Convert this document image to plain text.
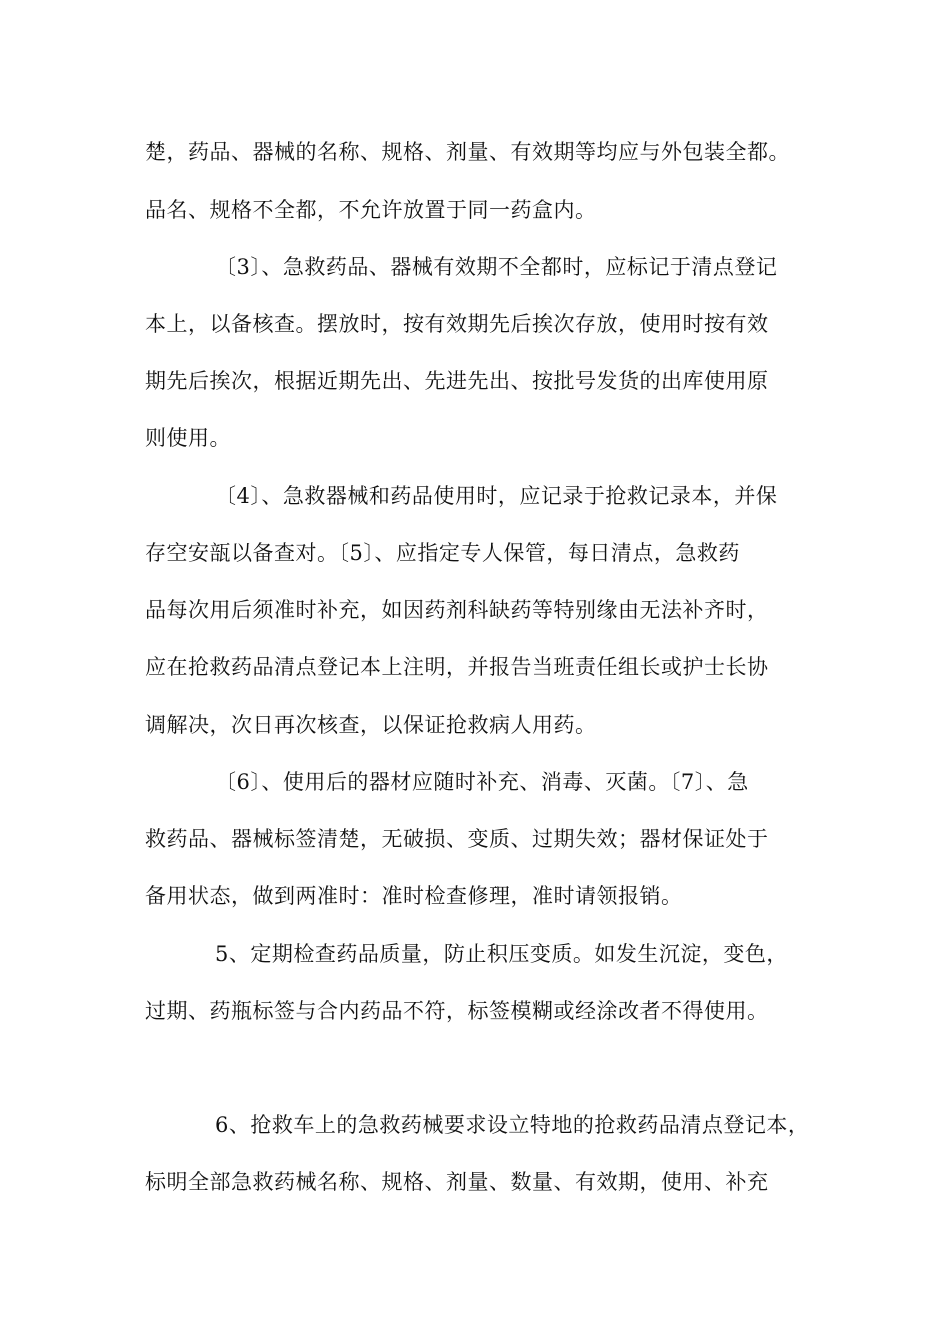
楚，药品、器械的名称、规格、剂量、有效期等均应与外包装全都。
品名、规格不全都，不允许放置于同一药盒内。
〔3〕、急救药品、器械有效期不全都时，应标记于清点登记
本上，以备核查。摆放时，按有效期先后挨次存放，使用时按有效
期先后挨次，根据近期先出、先进先出、按批号发货的出库使用原
则使用。
〔4〕、急救器械和药品使用时，应记录于抢救记录本，并保
存空安瓿以备查对。〔5〕、应指定专人保管，每日清点，急救药
品每次用后须准时补充，如因药剂科缺药等特别缘由无法补齐时，
应在抢救药品清点登记本上注明，并报告当班责任组长或护士长协
调解决，次日再次核查，以保证抢救病人用药。
〔6〕、使用后的器材应随时补充、消毒、灭菌。〔7〕、急
救药品、器械标签清楚，无破损、变质、过期失效；器材保证处于
备用状态，做到两准时：准时检查修理，准时请领报销。
5、定期检查药品质量，防止积压变质。如发生沉淀，变色，
过期、药瓶标签与合内药品不符，标签模糊或经涂改者不得使用。
6、抢救车上的急救药械要求设立特地的抢救药品清点登记本，
标明全部急救药械名称、规格、剂量、数量、有效期，使用、补充
